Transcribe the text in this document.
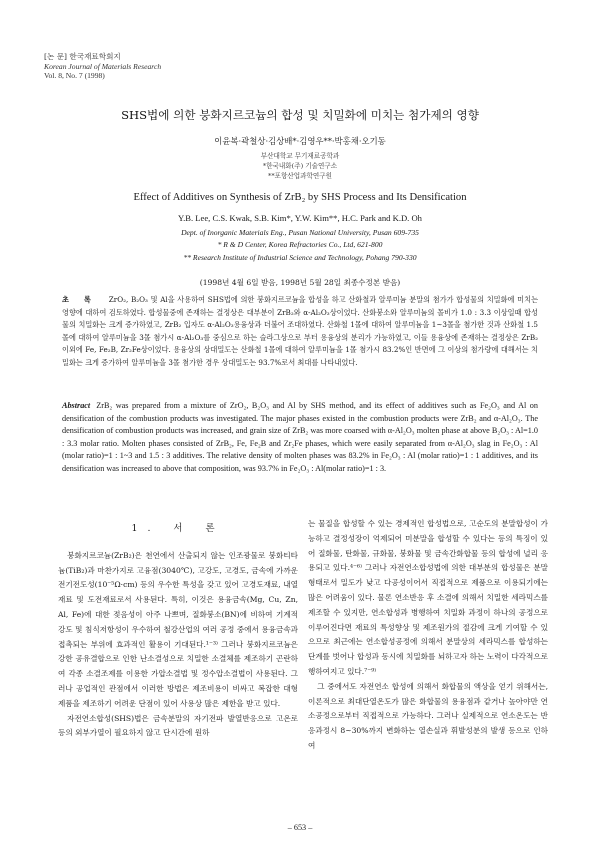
[논 문] 한국재료학회지
Korean Journal of Materials Research
Vol. 8, No. 7 (1998)
SHS법에 의한 붕화지르코늄의 합성 및 치밀화에 미치는 첨가제의 영향
이윤복·곽철상·김상배*·김영우**·박홍채·오기동
부산대학교 무기재료공학과
*한국내화(주) 기술연구소
**포항산업과학연구원
Effect of Additives on Synthesis of ZrB₂ by SHS Process and Its Densification
Y.B. Lee, C.S. Kwak, S.B. Kim*, Y.W. Kim**, H.C. Park and K.D. Oh
Dept. of Inorganic Materials Eng., Pusan National University, Pusan 609-735
* R & D Center, Korea Refractories Co., Ltd, 621-800
** Research Institute of Industrial Science and Technology, Pohang 790-330
(1998년 4월 6일 받음, 1998년 5월 28일 최종수정본 받음)
초 록 ZrO₂, B₂O₃ 및 Al을 사용하여 SHS법에 의한 붕화지르코늄을 합성을 하고 산화철과 알루미늄 분말의 첨가가 합성물의 치밀화에 미치는 영향에 대하여 검토하였다. 합성물중에 존재하는 결정상은 대부분이 ZrB₂와 α-Al₂O₃상이었다. 산화붕소와 알루미늄의 몰비가 1.0 : 3.3 이상일때 합성물의 치밀화는 크게 증가하였고, ZrB₂ 입자도 α-Al₂O₃용융상과 더불어 조대하였다. 산화철 1몰에 대하여 알루미늄을 1~3몰을 첨가한 것과 산화철 1.5몰에 대하여 알루미늄을 3몰 첨가시 α-Al₂O₃를 중심으로 하는 슬라그상으로 부터 용융상의 분리가 가능하였고, 이들 용융상에 존재하는 결정상은 ZrB₂이외에 Fe, Fe₂B, Zr₂Fe상이었다. 용융상의 상대밀도는 산화철 1몰에 대하여 알루미늄을 1몰 첨가시 83.2%인 반면에 그 이상의 첨가량에 대해서는 치밀화는 크게 증가하여 알루미늄을 3몰 첨가한 경우 상대밀도는 93.7%로서 최대를 나타내었다.
Abstract ZrB₂ was prepared from a mixture of ZrO₂, B₂O₃ and Al by SHS method, and its effect of additives such as Fe₂O₃ and Al on densification of the combustion products was investigated. The major phases existed in the combustion products were ZrB₂ and α-Al₂O₃. The densification of combustion products was increased, and grain size of ZrB₂ was more coarsed with α-Al₂O₃ molten phase at above B₂O₃ : Al=1.0 : 3.3 molar ratio. Molten phases consisted of ZrB₂, Fe, Fe₂B and Zr₂Fe phases, which were easily separated from α-Al₂O₃ slag in Fe₂O₃ : Al (molar ratio)=1 : 1~3 and 1.5 : 3 additives. The relative density of molten phases was 83.2% in Fe₂O₃ : Al (molar ratio)=1 : 1 additives, and its densification was increased to above that composition, was 93.7% in Fe₂O₃ : Al(molar ratio)=1 : 3.
1. 서 론

붕화지르코늄(ZrB₂)은 천연에서 산출되지 않는 인조광물로 붕화티타늄(TiB₂)과 마찬가지로 고융점(3040℃), 고강도, 고경도, 금속에 가까운 전기전도성(10⁻⁵Ω·cm) 등의 우수한 특성을 갖고 있어 고경도재료, 내열재료 및 도전재료로서 사용된다. 특히, 이것은 용융금속(Mg, Cu, Zn, Al, Fe)에 대한 젖음성이 아주 나쁘며, 질화붕소(BN)에 비하여 기계적 강도 및 침식저항성이 우수하여 철강산업의 여러 공정 중에서 용융금속과 접촉되는 부위에 효과적인 활용이 기대된다.¹⁻³⁾ 그러나 붕화지르코늄은 강한 공유결합으로 인한 난소결성으로 치밀한 소결체를 제조하기 곤란하여 각종 소결조제를 이용한 가압소결법 및 정수압소결법이 사용된다. 그러나 공업적인 관점에서 이러한 방법은 제조비용이 비싸고 복잡한 대형 제품을 제조하기 어려운 단점이 있어 사용상 많은 제한을 받고 있다.

자전연소합성(SHS)법은 금속분말의 자기전파 발열반응으로 고온로 등의 외부가열이 필요하지 않고 단시간에 원하

는 물질을 합성할 수 있는 경제적인 합성법으로, 고순도의 분말합성이 가능하고 결정성장이 억제되어 미분말을 합성할 수 있다는 등의 특징이 있어 질화물, 탄화물, 규화물, 붕화물 및 금속간화합물 등의 합성에 널리 응용되고 있다.⁴⁻⁶⁾ 그러나 자전연소합성법에 의한 대부분의 합성물은 분말형태로서 밀도가 낮고 다공성이어서 직접적으로 제품으로 이용되기에는 많은 어려움이 있다. 물론 연소반응 후 소결에 의해서 치밀한 세라믹스를 제조할 수 있지만, 연소합성과 병행하여 치밀화 과정이 하나의 공정으로 이루어진다면 재료의 특성향상 및 제조원가의 절감에 크게 기여할 수 있으므로 최근에는 연소합성공정에 의해서 분말상의 세라믹스를 합성하는 단계를 벗어나 합성과 동시에 치밀화를 뇌하고자 하는 노력이 다각적으로 행하여지고 있다.⁷⁻⁹⁾

그 중에서도 자전연소 합성에 의해서 화합물의 액상을 얻기 위해서는, 이론적으로 최대단열온도가 많은 화합물의 용융점과 같거나 높아야만 연소공정으로부터 직접적으로 가능하다. 그러나 실제적으로 연소온도는 반응과정시 8~30%까지 변화하는 열손실과 휘발성분의 발생 등으로 인하여

– 653 –
